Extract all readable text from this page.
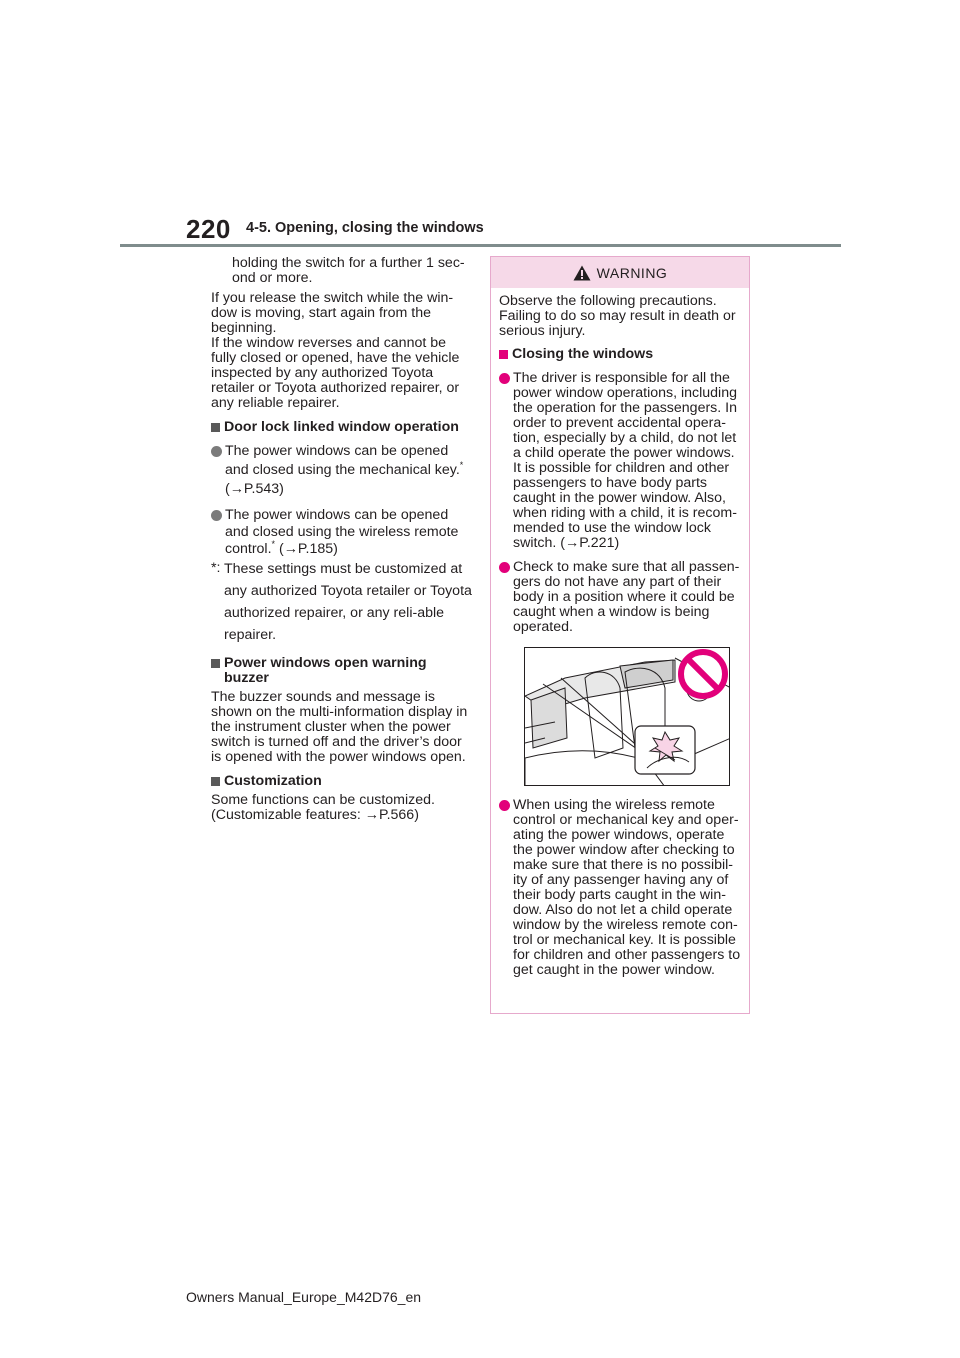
220 4-5. Opening, closing the windows

holding the switch for a further 1 sec-ond or more.

If you release the switch while the win-dow is moving, start again from the beginning.

If the window reverses and cannot be fully closed or opened, have the vehicle inspected by any authorized Toyota retailer or Toyota authorized repairer, or any reliable repairer.

Door lock linked window operation
The power windows can be opened and closed using the mechanical key.*
(→P.543)
The power windows can be opened and closed using the wireless remote control.* (→P.185)
*: These settings must be customized at any authorized Toyota retailer or Toyota authorized repairer, or any reli-able repairer.
Power windows open warning buzzer

The buzzer sounds and message is shown on the multi-information display in the instrument cluster when the power switch is turned off and the driver’s door is opened with the power windows open.

Customization

Some functions can be customized. (Customizable features: →P.566)

WARNING

Observe the following precautions. Failing to do so may result in death or serious injury.

Closing the windows
The driver is responsible for all the power window operations, including the operation for the passengers. In order to prevent accidental opera-tion, especially by a child, do not let a child operate the power windows. It is possible for children and other passengers to have body parts caught in the power window. Also, when riding with a child, it is recom-mended to use the window lock switch. (→P.221)
Check to make sure that all passen-gers do not have any part of their body in a position where it could be caught when a window is being operated.
When using the wireless remote control or mechanical key and oper-ating the power windows, operate the power window after checking to make sure that there is no possibil-ity of any passenger having any of their body parts caught in the win-dow. Also do not let a child operate window by the wireless remote con-trol or mechanical key. It is possible for children and other passengers to get caught in the power window.
Owners Manual_Europe_M42D76_en
